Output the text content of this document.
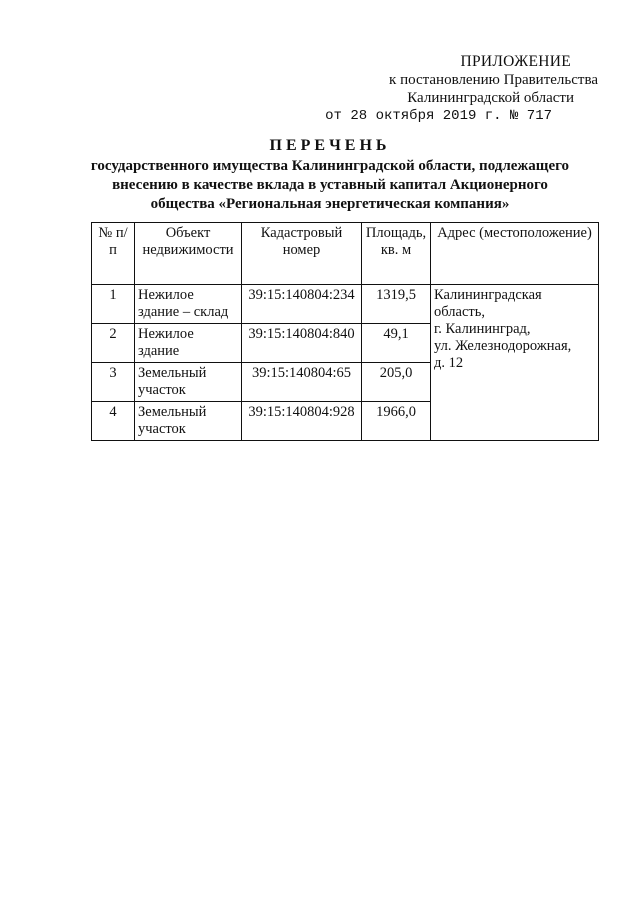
ПРИЛОЖЕНИЕ
к постановлению Правительства
Калининградской области
от 28 октября 2019 г. № 717
ПЕРЕЧЕНЬ
государственного имущества Калининградской области, подлежащего
внесению в качестве вклада в уставный капитал Акционерного
общества «Региональная энергетическая компания»
№ п/п	Объект недвижимости	Кадастровый номер	Площадь, кв. м	Адрес (местоположение)
1	Нежилое здание – склад	39:15:140804:234	1319,5	Калининградская
область,
г. Калининград,
ул. Железнодорожная,
д. 12

2	Нежилое здание	39:15:140804:840	49,1	
3	Земельный участок	39:15:140804:65	205,0	
4	Земельный участок	39:15:140804:928	1966,0	
